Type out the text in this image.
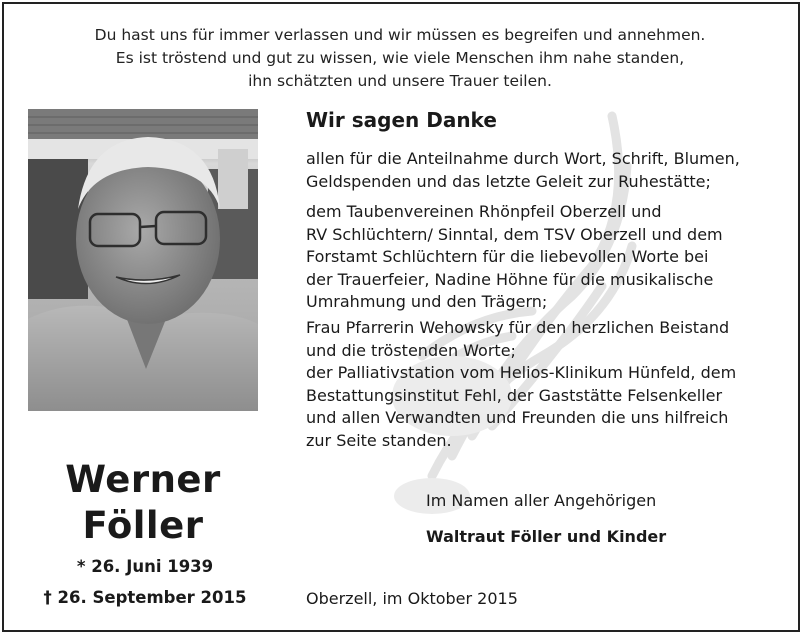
Du hast uns für immer verlassen und wir müssen es begreifen und annehmen.
Es ist tröstend und gut zu wissen, wie viele Menschen ihm nahe standen,
ihn schätzten und unsere Trauer teilen.
Wir sagen Danke
allen für die Anteilnahme durch Wort, Schrift, Blumen,
Geldspenden und das letzte Geleit zur Ruhestätte;
dem Taubenvereinen Rhönpfeil Oberzell und
RV Schlüchtern/ Sinntal, dem TSV Oberzell und dem
Forstamt Schlüchtern für die liebevollen Worte bei
der Trauerfeier, Nadine Höhne für die musikalische
Umrahmung und den Trägern;
Frau Pfarrerin Wehowsky für den herzlichen Beistand
und die tröstenden Worte;
der Palliativstation vom Helios-Klinikum Hünfeld, dem
Bestattungsinstitut Fehl, der Gaststätte Felsenkeller
und allen Verwandten und Freunden die uns hilfreich
zur Seite standen.
Werner
Föller
* 26. Juni 1939
† 26. September 2015
Im Namen aller Angehörigen
Waltraut Föller und Kinder
Oberzell, im Oktober 2015
